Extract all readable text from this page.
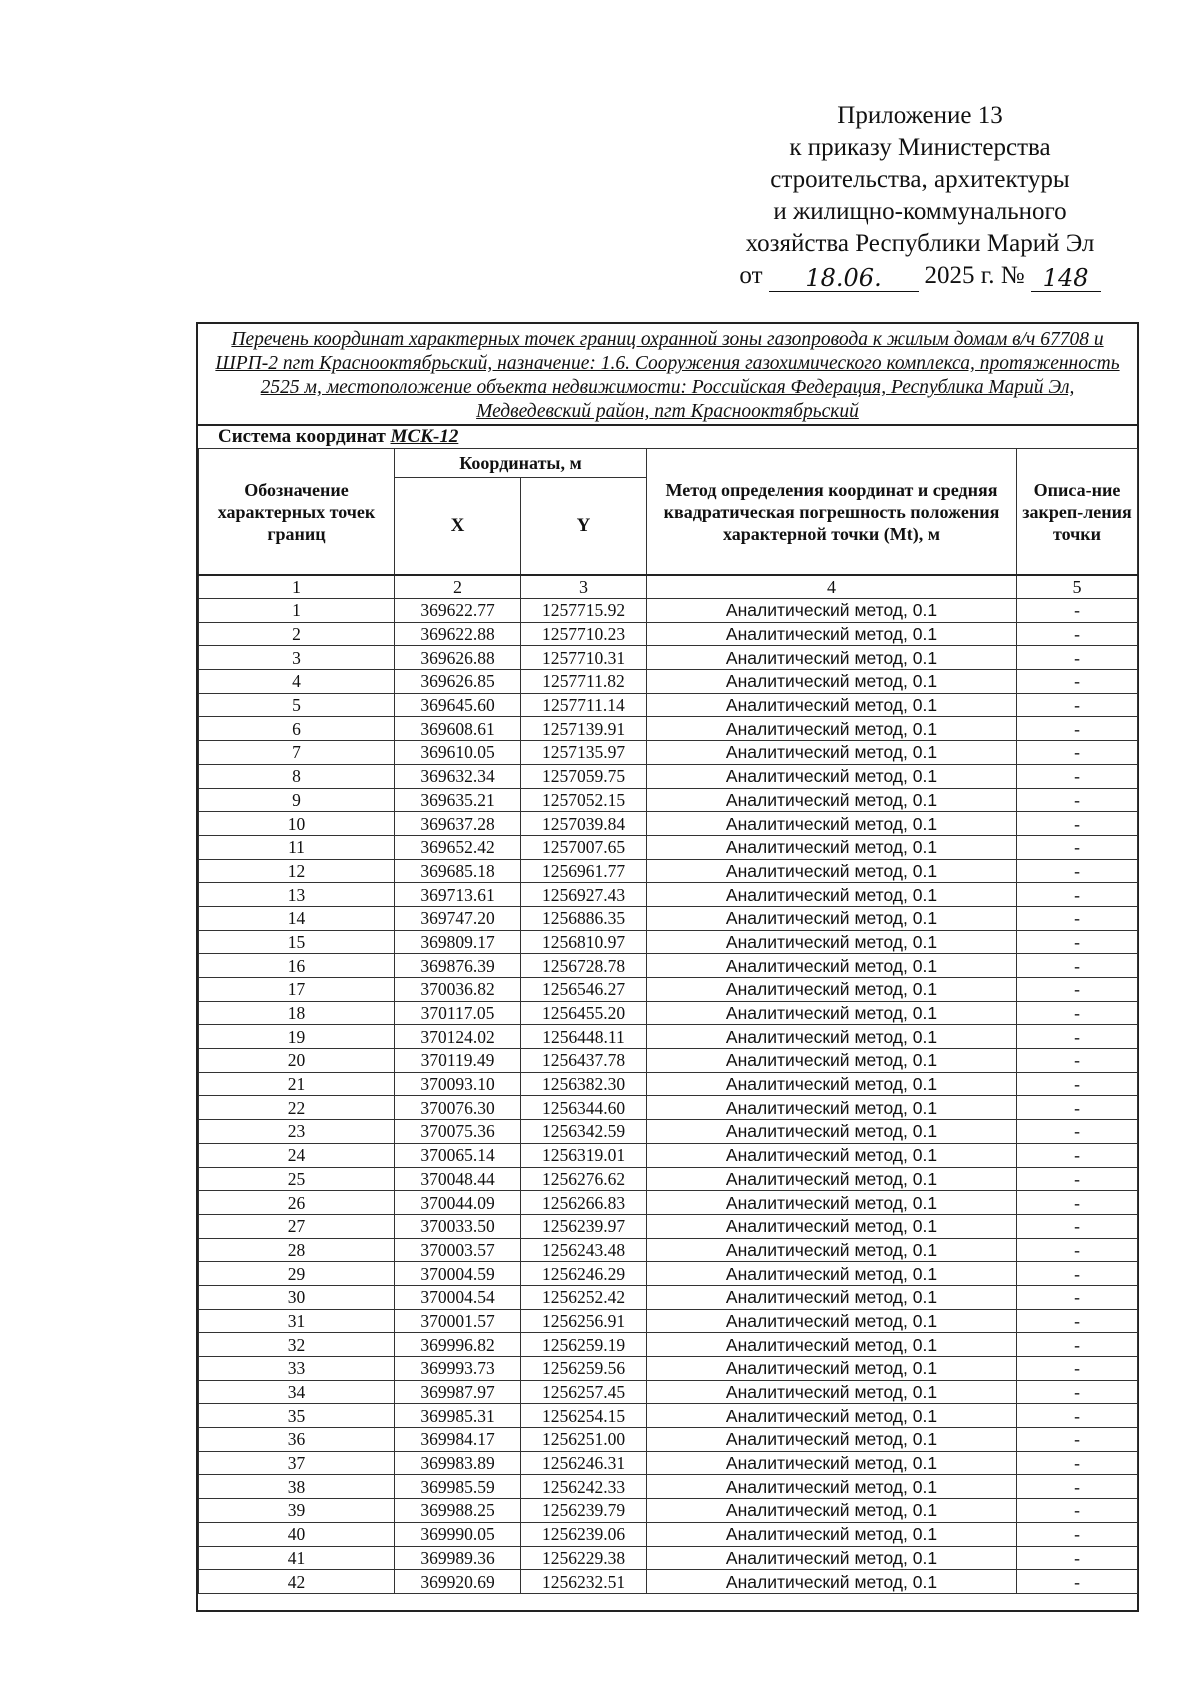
Приложение 13
к приказу Министерства
строительства, архитектуры
и жилищно-коммунального
хозяйства Республики Марий Эл
от	18.06.	2025 г. № 148
Перечень координат характерных точек границ охранной зоны газопровода к жилым домам в/ч 67708 и ШРП-2 пгт Краснооктябрьский, назначение: 1.6. Сооружения газохимического комплекса, протяженность 2525 м, местоположение объекта недвижимости: Российская Федерация, Республика Марий Эл, Медведевский район, пгт Краснооктябрьский
Система координат МСК-12
Обозначение характерных точек границ	Координаты, м		Метод определения координат и средняя квадратическая погрешность положения характерной точки (Mt), м	Описа-ние закреп-ления точки
	X	Y		
1	2	3	4	5
1	369622.77	1257715.92	Аналитический метод, 0.1	-
2	369622.88	1257710.23	Аналитический метод, 0.1	-
3	369626.88	1257710.31	Аналитический метод, 0.1	-
4	369626.85	1257711.82	Аналитический метод, 0.1	-
5	369645.60	1257711.14	Аналитический метод, 0.1	-
6	369608.61	1257139.91	Аналитический метод, 0.1	-
7	369610.05	1257135.97	Аналитический метод, 0.1	-
8	369632.34	1257059.75	Аналитический метод, 0.1	-
9	369635.21	1257052.15	Аналитический метод, 0.1	-
10	369637.28	1257039.84	Аналитический метод, 0.1	-
11	369652.42	1257007.65	Аналитический метод, 0.1	-
12	369685.18	1256961.77	Аналитический метод, 0.1	-
13	369713.61	1256927.43	Аналитический метод, 0.1	-
14	369747.20	1256886.35	Аналитический метод, 0.1	-
15	369809.17	1256810.97	Аналитический метод, 0.1	-
16	369876.39	1256728.78	Аналитический метод, 0.1	-
17	370036.82	1256546.27	Аналитический метод, 0.1	-
18	370117.05	1256455.20	Аналитический метод, 0.1	-
19	370124.02	1256448.11	Аналитический метод, 0.1	-
20	370119.49	1256437.78	Аналитический метод, 0.1	-
21	370093.10	1256382.30	Аналитический метод, 0.1	-
22	370076.30	1256344.60	Аналитический метод, 0.1	-
23	370075.36	1256342.59	Аналитический метод, 0.1	-
24	370065.14	1256319.01	Аналитический метод, 0.1	-
25	370048.44	1256276.62	Аналитический метод, 0.1	-
26	370044.09	1256266.83	Аналитический метод, 0.1	-
27	370033.50	1256239.97	Аналитический метод, 0.1	-
28	370003.57	1256243.48	Аналитический метод, 0.1	-
29	370004.59	1256246.29	Аналитический метод, 0.1	-
30	370004.54	1256252.42	Аналитический метод, 0.1	-
31	370001.57	1256256.91	Аналитический метод, 0.1	-
32	369996.82	1256259.19	Аналитический метод, 0.1	-
33	369993.73	1256259.56	Аналитический метод, 0.1	-
34	369987.97	1256257.45	Аналитический метод, 0.1	-
35	369985.31	1256254.15	Аналитический метод, 0.1	-
36	369984.17	1256251.00	Аналитический метод, 0.1	-
37	369983.89	1256246.31	Аналитический метод, 0.1	-
38	369985.59	1256242.33	Аналитический метод, 0.1	-
39	369988.25	1256239.79	Аналитический метод, 0.1	-
40	369990.05	1256239.06	Аналитический метод, 0.1	-
41	369989.36	1256229.38	Аналитический метод, 0.1	-
42	369920.69	1256232.51	Аналитический метод, 0.1	-
